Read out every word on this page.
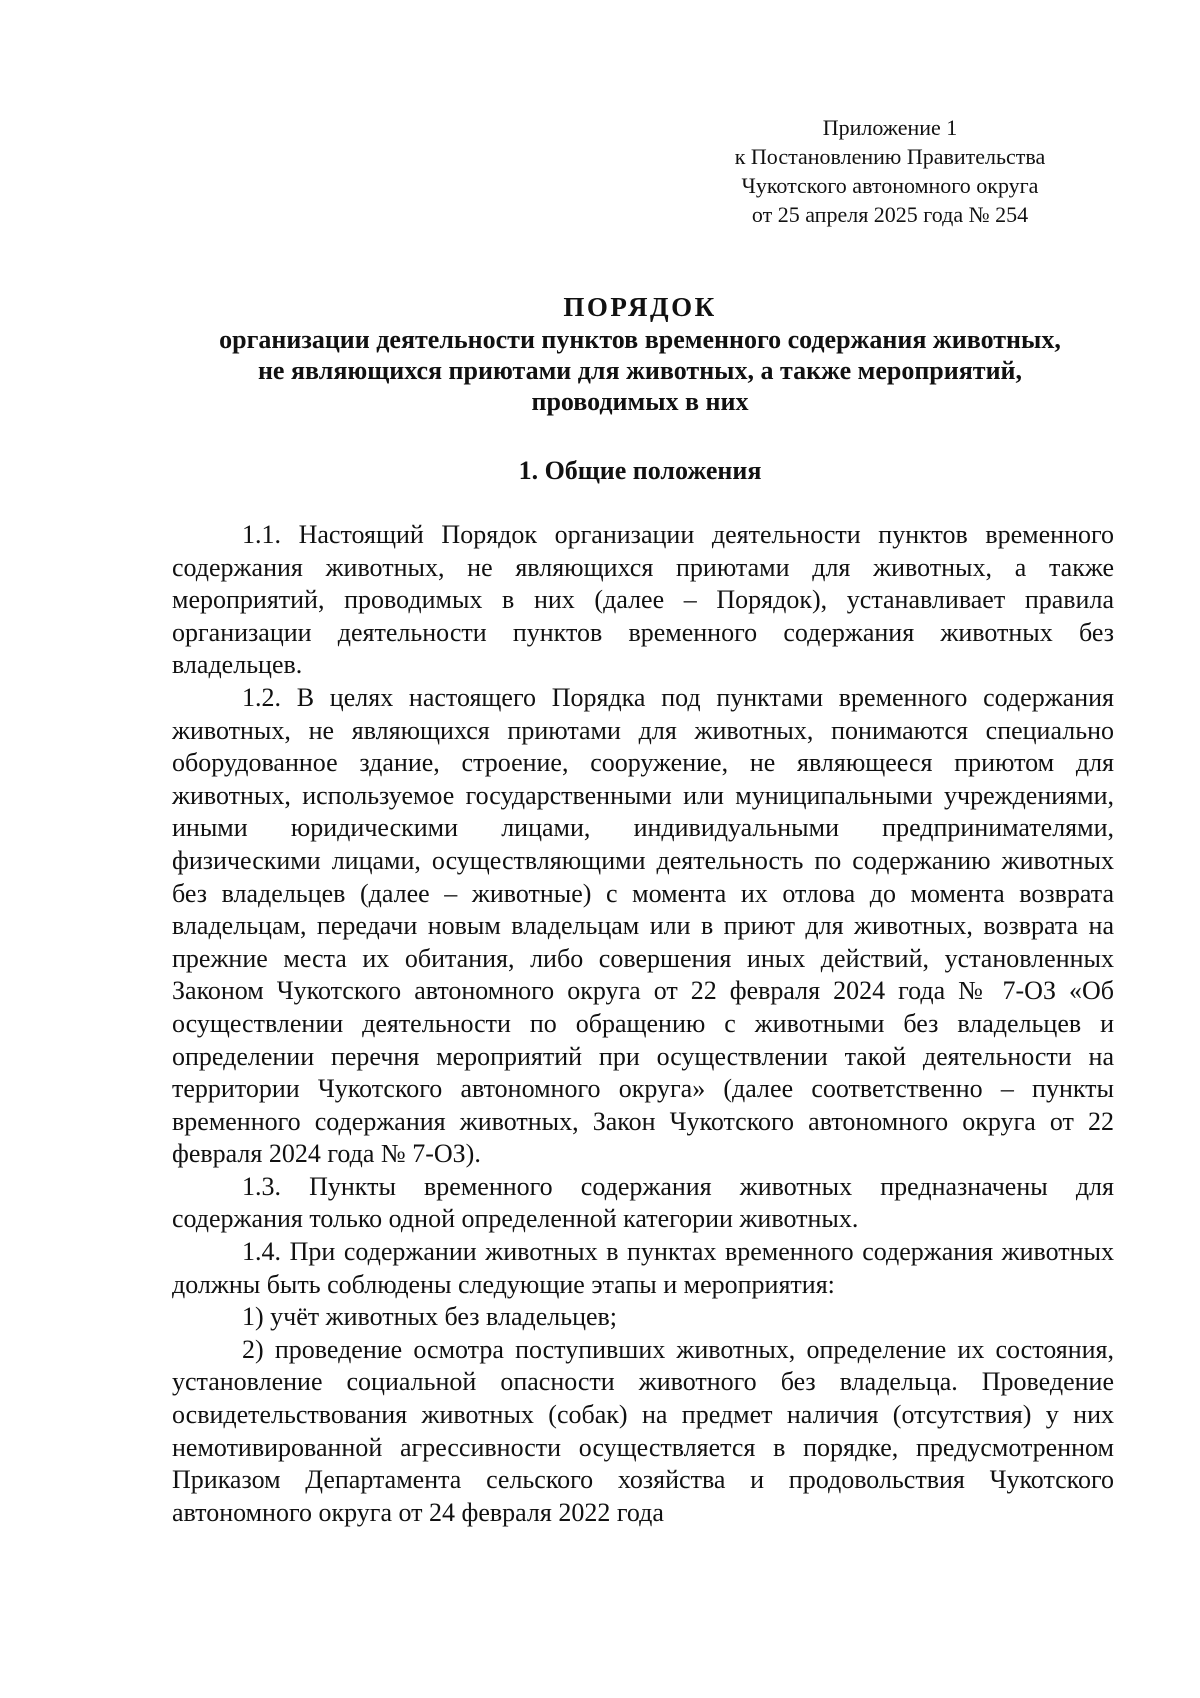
Приложение 1
к Постановлению Правительства
Чукотского автономного округа
от 25 апреля 2025 года № 254

ПОРЯДОК

организации деятельности пунктов временного содержания животных,
не являющихся приютами для животных, а также мероприятий,
проводимых в них

1. Общие положения

1.1. Настоящий Порядок организации деятельности пунктов временного содержания животных, не являющихся приютами для животных, а также мероприятий, проводимых в них (далее – Порядок), устанавливает правила организации деятельности пунктов временного содержания животных без владельцев.

1.2. В целях настоящего Порядка под пунктами временного содержания животных, не являющихся приютами для животных, понимаются специально оборудованное здание, строение, сооружение, не являющееся приютом для животных, используемое государственными или муниципальными учреждениями, иными юридическими лицами, индивидуальными предпринимателями, физическими лицами, осуществляющими деятельность по содержанию животных без владельцев (далее – животные) с момента их отлова до момента возврата владельцам, передачи новым владельцам или в приют для животных, возврата на прежние места их обитания, либо совершения иных действий, установленных Законом Чукотского автономного округа от 22 февраля 2024 года № 7-ОЗ «Об осуществлении деятельности по обращению с животными без владельцев и определении перечня мероприятий при осуществлении такой деятельности на территории Чукотского автономного округа» (далее соответственно – пункты временного содержания животных, Закон Чукотского автономного округа от 22 февраля 2024 года № 7-ОЗ).

1.3. Пункты временного содержания животных предназначены для содержания только одной определенной категории животных.

1.4. При содержании животных в пунктах временного содержания животных должны быть соблюдены следующие этапы и мероприятия:

1) учёт животных без владельцев;

2) проведение осмотра поступивших животных, определение их состояния, установление социальной опасности животного без владельца. Проведение освидетельствования животных (собак) на предмет наличия (отсутствия) у них немотивированной агрессивности осуществляется в порядке, предусмотренном Приказом Департамента сельского хозяйства и продовольствия Чукотского автономного округа от 24 февраля 2022 года
